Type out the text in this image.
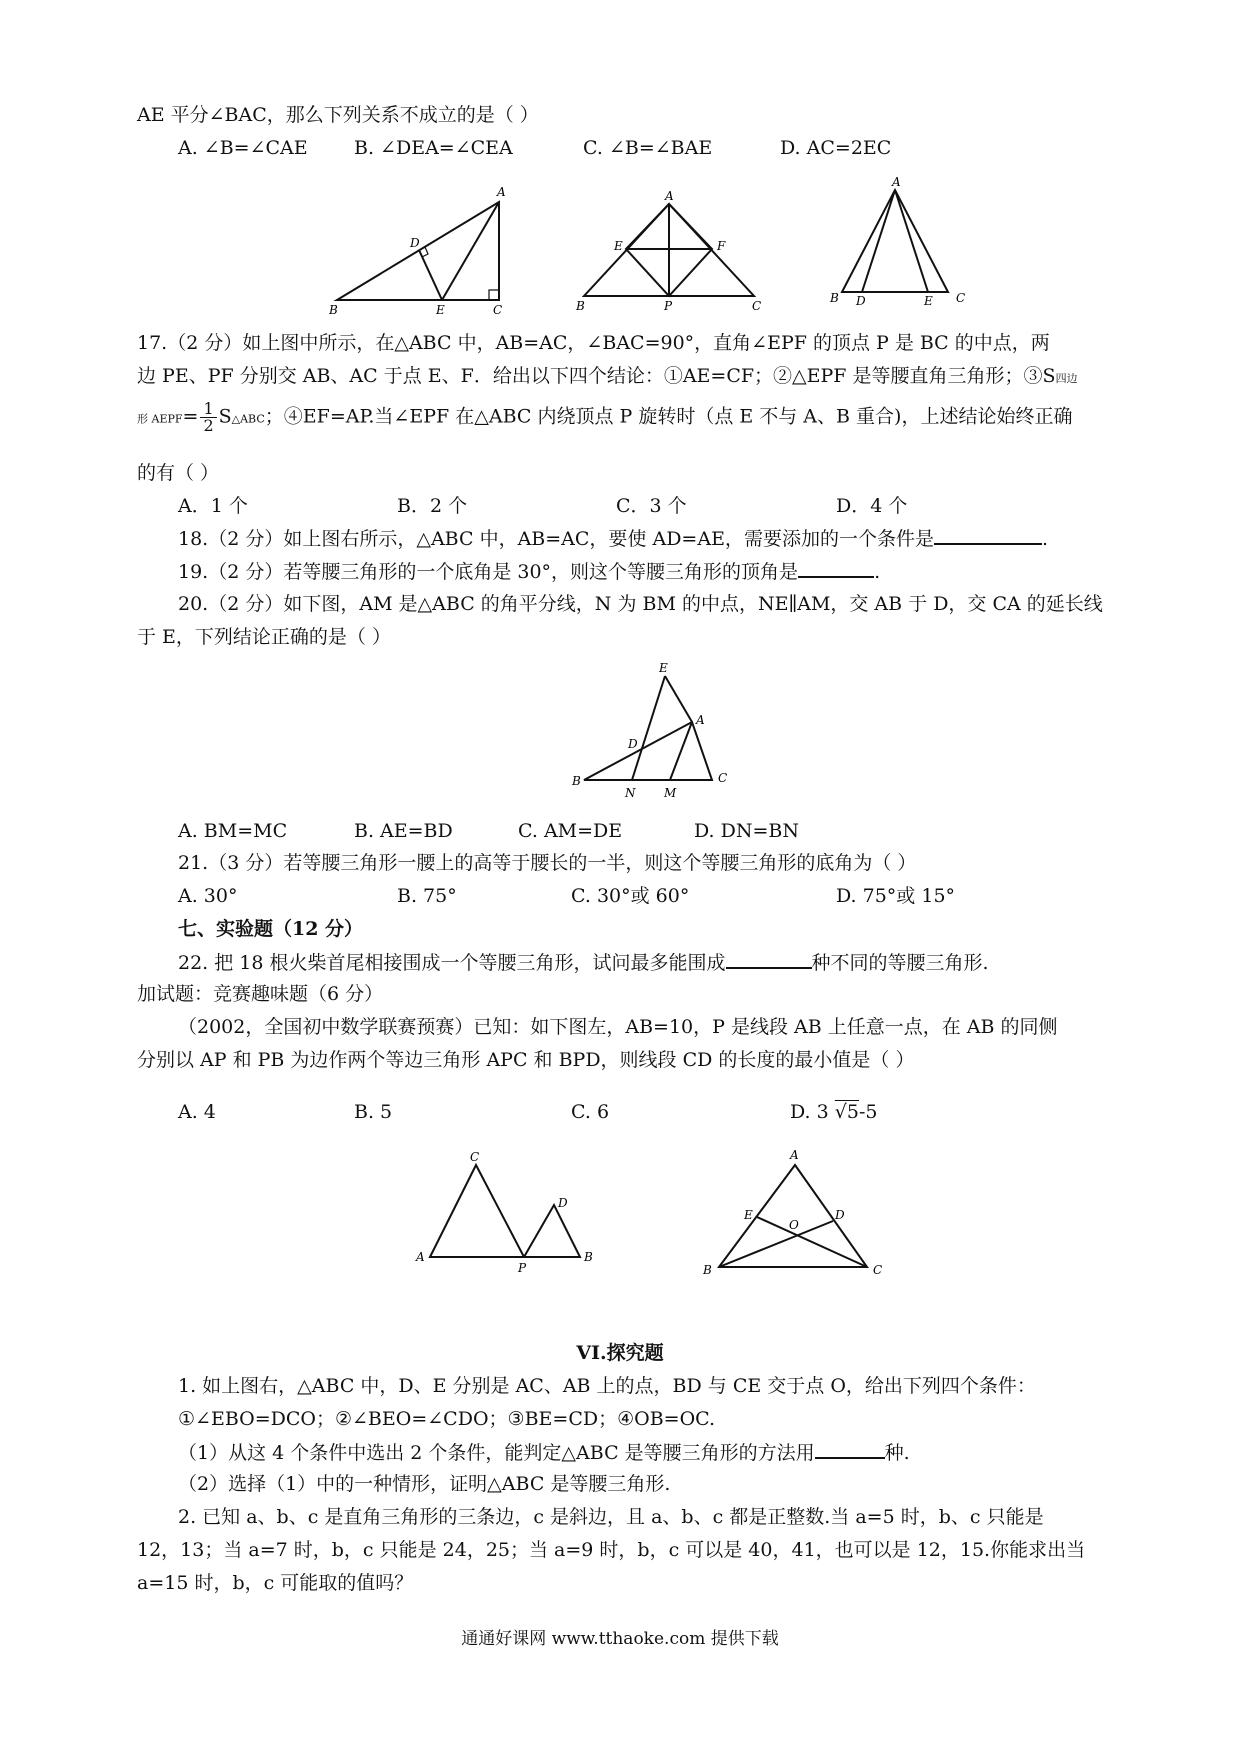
AE 平分∠BAC，那么下列关系不成立的是（ ）
A. ∠B=∠CAE B. ∠DEA=∠CEA	C. ∠B=∠BAE	D. AC=2EC
A
D
B	E	C
A
E	F
B	P	C
A
B D	E C
17.（2 分）如上图中所示，在△ABC 中，AB=AC，∠BAC=90°，直角∠EPF 的顶点 P 是 BC 的中点，两
边 PE、PF 分别交 AB、AC 于点 E、F．给出以下四个结论：①AE=CF；②△EPF 是等腰直角三角形；③S四边
形 AEPF= $\frac{1}{2}$ S△ABC；④EF=AP.当∠EPF 在△ABC 内绕顶点 P 旋转时（点 E 不与 A、B 重合)，上述结论始终正确
的有（ ）
A．1 个	B．2 个	C．3 个	D．4 个
18.（2 分）如上图右所示，△ABC 中，AB=AC，要使 AD=AE，需要添加的一个条件是	.
19.（2 分）若等腰三角形的一个底角是 30°，则这个等腰三角形的顶角是	.
20.（2 分）如下图，AM 是△ABC 的角平分线，N 为 BM 的中点，NE∥AM，交 AB 于 D，交 CA 的延长线
于 E，下列结论正确的是（ ）
E
A
D
B
N M
C
A. BM=MC	B. AE=BD	C. AM=DE	D. DN=BN
21.（3 分）若等腰三角形一腰上的高等于腰长的一半，则这个等腰三角形的底角为（ ）
A. 30°	B. 75°	C. 30°或 60°	D. 75°或 15°
七、实验题（12 分）
22. 把 18 根火柴首尾相接围成一个等腰三角形，试问最多能围成	种不同的等腰三角形.
加试题：竞赛趣味题（6 分）
（2002，全国初中数学联赛预赛）已知：如下图左，AB=10，P 是线段 AB 上任意一点，在 AB 的同侧
分别以 AP 和 PB 为边作两个等边三角形 APC 和 BPD，则线段 CD 的长度的最小值是（ ）
A. 4	B. 5	C. 6	D. 3 √5-5
C
D
A
P
B
A
E
O
D
B	C
VI.探究题
1. 如上图右，△ABC 中，D、E 分别是 AC、AB 上的点，BD 与 CE 交于点 O，给出下列四个条件：
①∠EBO=DCO；②∠BEO=∠CDO；③BE=CD；④OB=OC.
（1）从这 4 个条件中选出 2 个条件，能判定△ABC 是等腰三角形的方法用	种.
（2）选择（1）中的一种情形，证明△ABC 是等腰三角形.
2. 已知 a、b、c 是直角三角形的三条边，c 是斜边，且 a、b、c 都是正整数.当 a=5 时，b、c 只能是
12，13；当 a=7 时，b，c 只能是 24，25；当 a=9 时，b，c 可以是 40，41，也可以是 12，15.你能求出当
a=15 时，b，c 可能取的值吗？
通通好课网 www.tthaoke.com 提供下载
